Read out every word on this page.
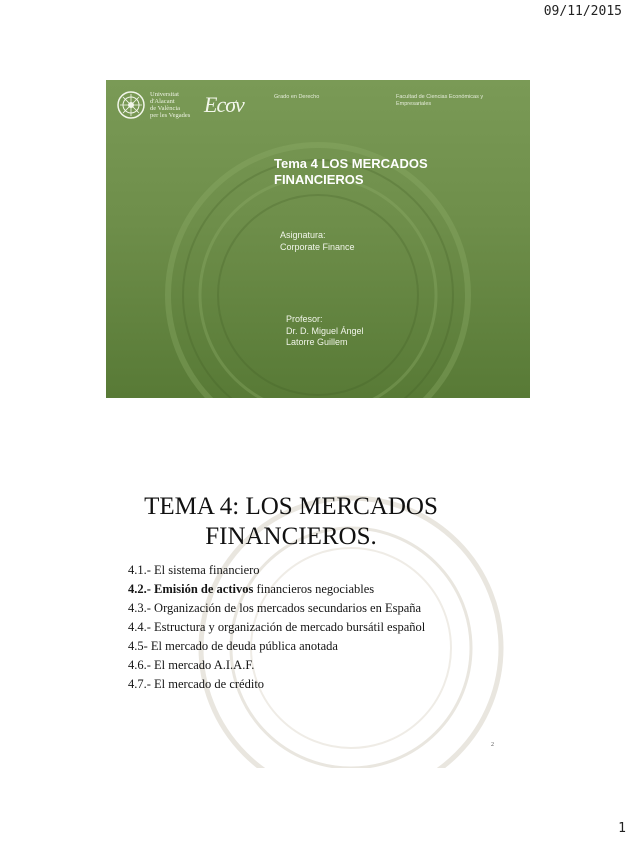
09/11/2015
Universitat
d'Alacant
de València
per les Vegades Ecσv	Grado en Derecho	Facultad de Ciencias Económicas y Empresariales
Tema 4 LOS MERCADOS FINANCIEROS
Asignatura:
Corporate Finance
Profesor:
Dr. D. Miguel Ángel
Latorre Guillem
TEMA 4: LOS MERCADOS
FINANCIEROS.
4.1.- El sistema financiero
4.2.- Emisión de activos financieros negociables
4.3.- Organización de los mercados secundarios en España
4.4.- Estructura y organización de mercado bursátil español
4.5- El mercado de deuda pública anotada
4.6.- El mercado A.I.A.F.
4.7.- El mercado de crédito
2
1
